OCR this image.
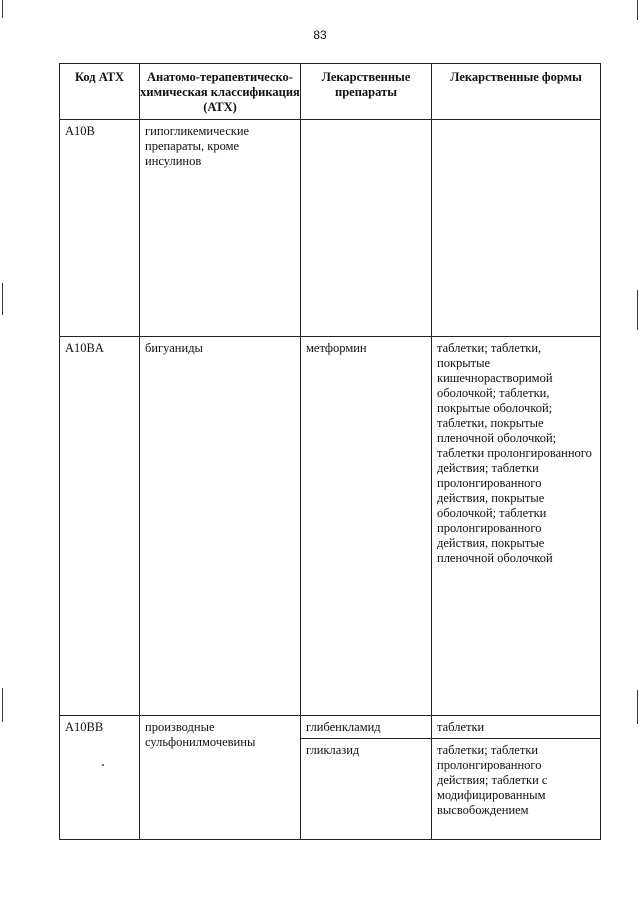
83
Код АТХ	Анатомо-терапевтическо-химическая классификация (АТХ)	Лекарственные препараты	Лекарственные формы
A10B	гипогликемические препараты, кроме инсулинов		
A10BA	бигуаниды	метформин	таблетки; таблетки, покрытые кишечнорастворимой оболочкой; таблетки, покрытые оболочкой; таблетки, покрытые пленочной оболочкой; таблетки пролонгированного действия; таблетки пролонгированного действия, покрытые оболочкой; таблетки пролонгированного действия, покрытые пленочной оболочкой
A10BB	производные сульфонилмочевины	глибенкламид	таблетки
		гликлазид	таблетки; таблетки пролонгированного действия; таблетки с модифицированным высвобождением
